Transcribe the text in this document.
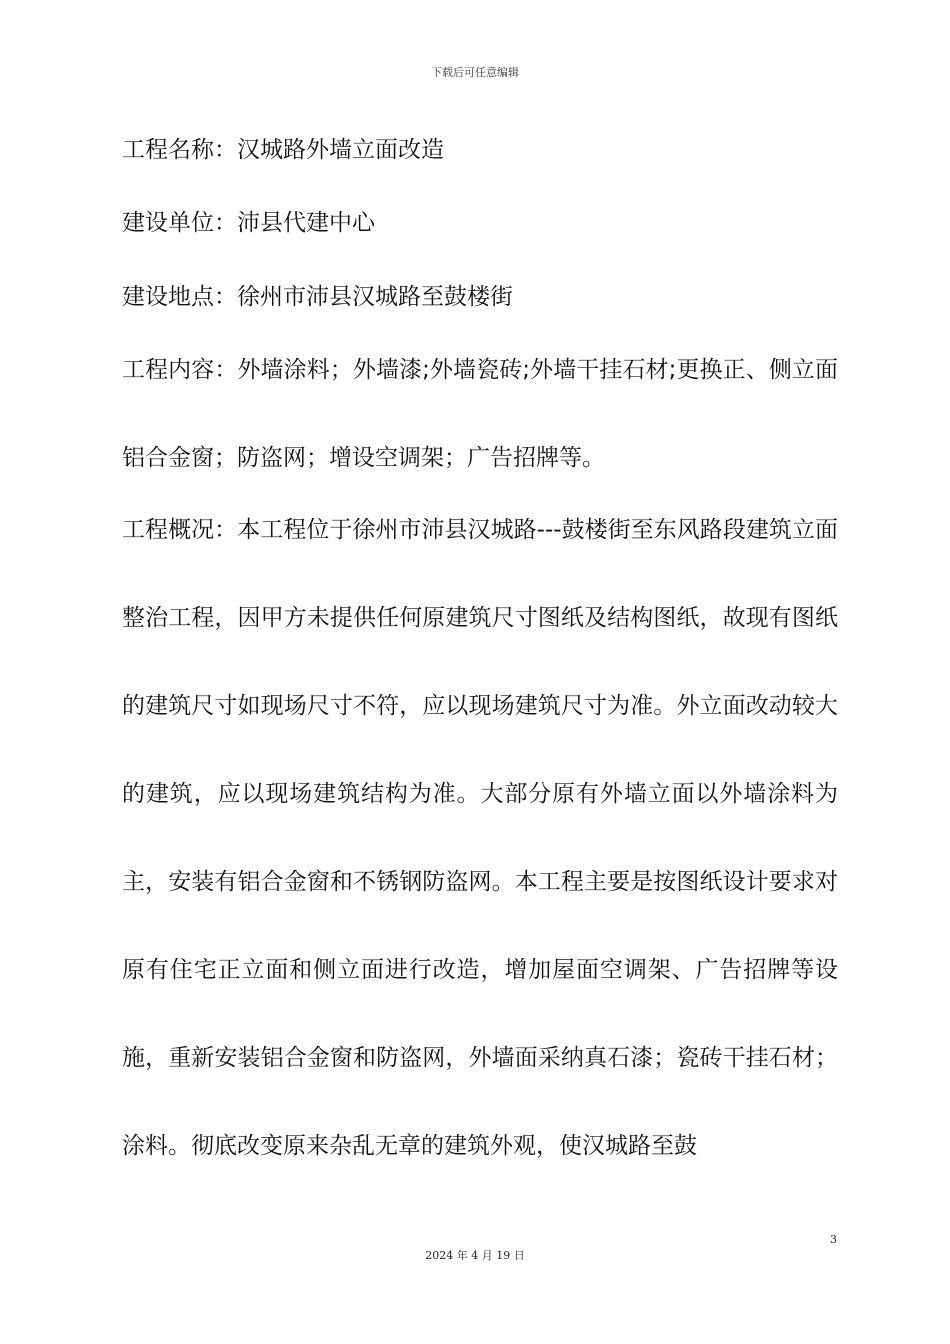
下载后可任意编辑
工程名称：汉城路外墙立面改造
建设单位：沛县代建中心
建设地点：徐州市沛县汉城路至鼓楼街

工程内容：外墙涂料；外墙漆;外墙瓷砖;外墙干挂石材;更换正、侧立面铝合金窗；防盗网；增设空调架；广告招牌等。

工程概况：本工程位于徐州市沛县汉城路---鼓楼街至东风路段建筑立面整治工程，因甲方未提供任何原建筑尺寸图纸及结构图纸，故现有图纸的建筑尺寸如现场尺寸不符，应以现场建筑尺寸为准。外立面改动较大的建筑，应以现场建筑结构为准。大部分原有外墙立面以外墙涂料为主，安装有铝合金窗和不锈钢防盗网。本工程主要是按图纸设计要求对原有住宅正立面和侧立面进行改造，增加屋面空调架、广告招牌等设施，重新安装铝合金窗和防盗网，外墙面采纳真石漆；瓷砖干挂石材；涂料。彻底改变原来杂乱无章的建筑外观，使汉城路至鼓

3
2024 年 4 月 19 日
